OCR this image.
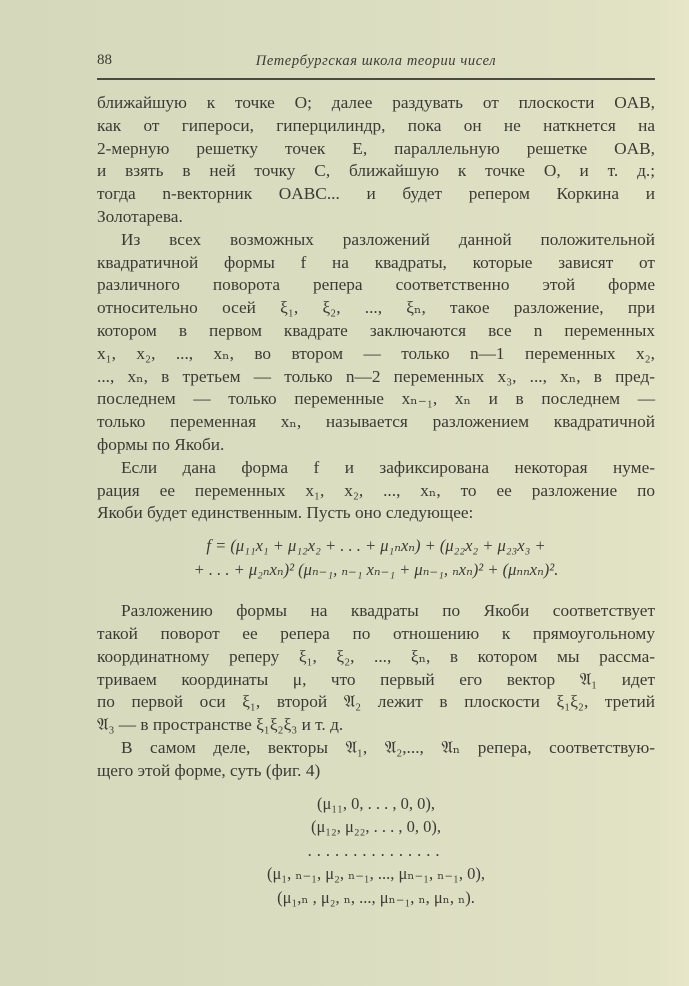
88	Петербургская школа теории чисел
ближайшую к точке O; далее раздувать от плоскости OAB,
как от гипероси, гиперцилиндр, пока он не наткнется на
2-мерную решетку точек E, параллельную решетке OAB,
и взять в ней точку C, ближайшую к точке O, и т. д.;
тогда n-векторник OABC... и будет репером Коркина и
Золотарева.
Из всех возможных разложений данной положительной
квадратичной формы f на квадраты, которые зависят от
различного поворота репера соответственно этой форме
относительно осей ξ₁, ξ₂, ..., ξₙ, такое разложение, при
котором в первом квадрате заключаются все n переменных
x₁, x₂, ..., xₙ, во втором — только n—1 переменных x₂,
..., xₙ, в третьем — только n—2 переменных x₃, ..., xₙ, в пред-
последнем — только переменные xₙ₋₁, xₙ и в последнем —
только переменная xₙ, называется разложением квадратичной
формы по Якоби.
Если дана форма f и зафиксирована некоторая нуме-
рация ее переменных x₁, x₂, ..., xₙ, то ее разложение по
Якоби будет единственным. Пусть оно следующее:
f = (μ₁₁x₁ + μ₁₂x₂ + . . . + μ₁ₙxₙ) + (μ₂₂x₂ + μ₂₃x₃ +
+ . . . + μ₂ₙxₙ)² (μₙ₋₁, ₙ₋₁ xₙ₋₁ + μₙ₋₁, ₙxₙ)² + (μₙₙxₙ)².
Разложению формы на квадраты по Якоби соответствует
такой поворот ее репера по отношению к прямоугольному
координатному реперу ξ₁, ξ₂, ..., ξₙ, в котором мы рассма-
триваем координаты μ, что первый его вектор 𝔄₁ идет
по первой оси ξ₁, второй 𝔄₂ лежит в плоскости ξ₁ξ₂, третий
𝔄₃ — в пространстве ξ₁ξ₂ξ₃ и т. д.
В самом деле, векторы 𝔄₁, 𝔄₂,..., 𝔄ₙ репера, соответствую-
щего этой форме, суть (фиг. 4)
(μ₁₁, 0, . . . , 0, 0),
(μ₁₂, μ₂₂, . . . , 0, 0),
...............
(μ₁, ₙ₋₁, μ₂, ₙ₋₁, ..., μₙ₋₁, ₙ₋₁, 0),
(μ₁,ₙ , μ₂, ₙ, ..., μₙ₋₁, ₙ, μₙ, ₙ).
